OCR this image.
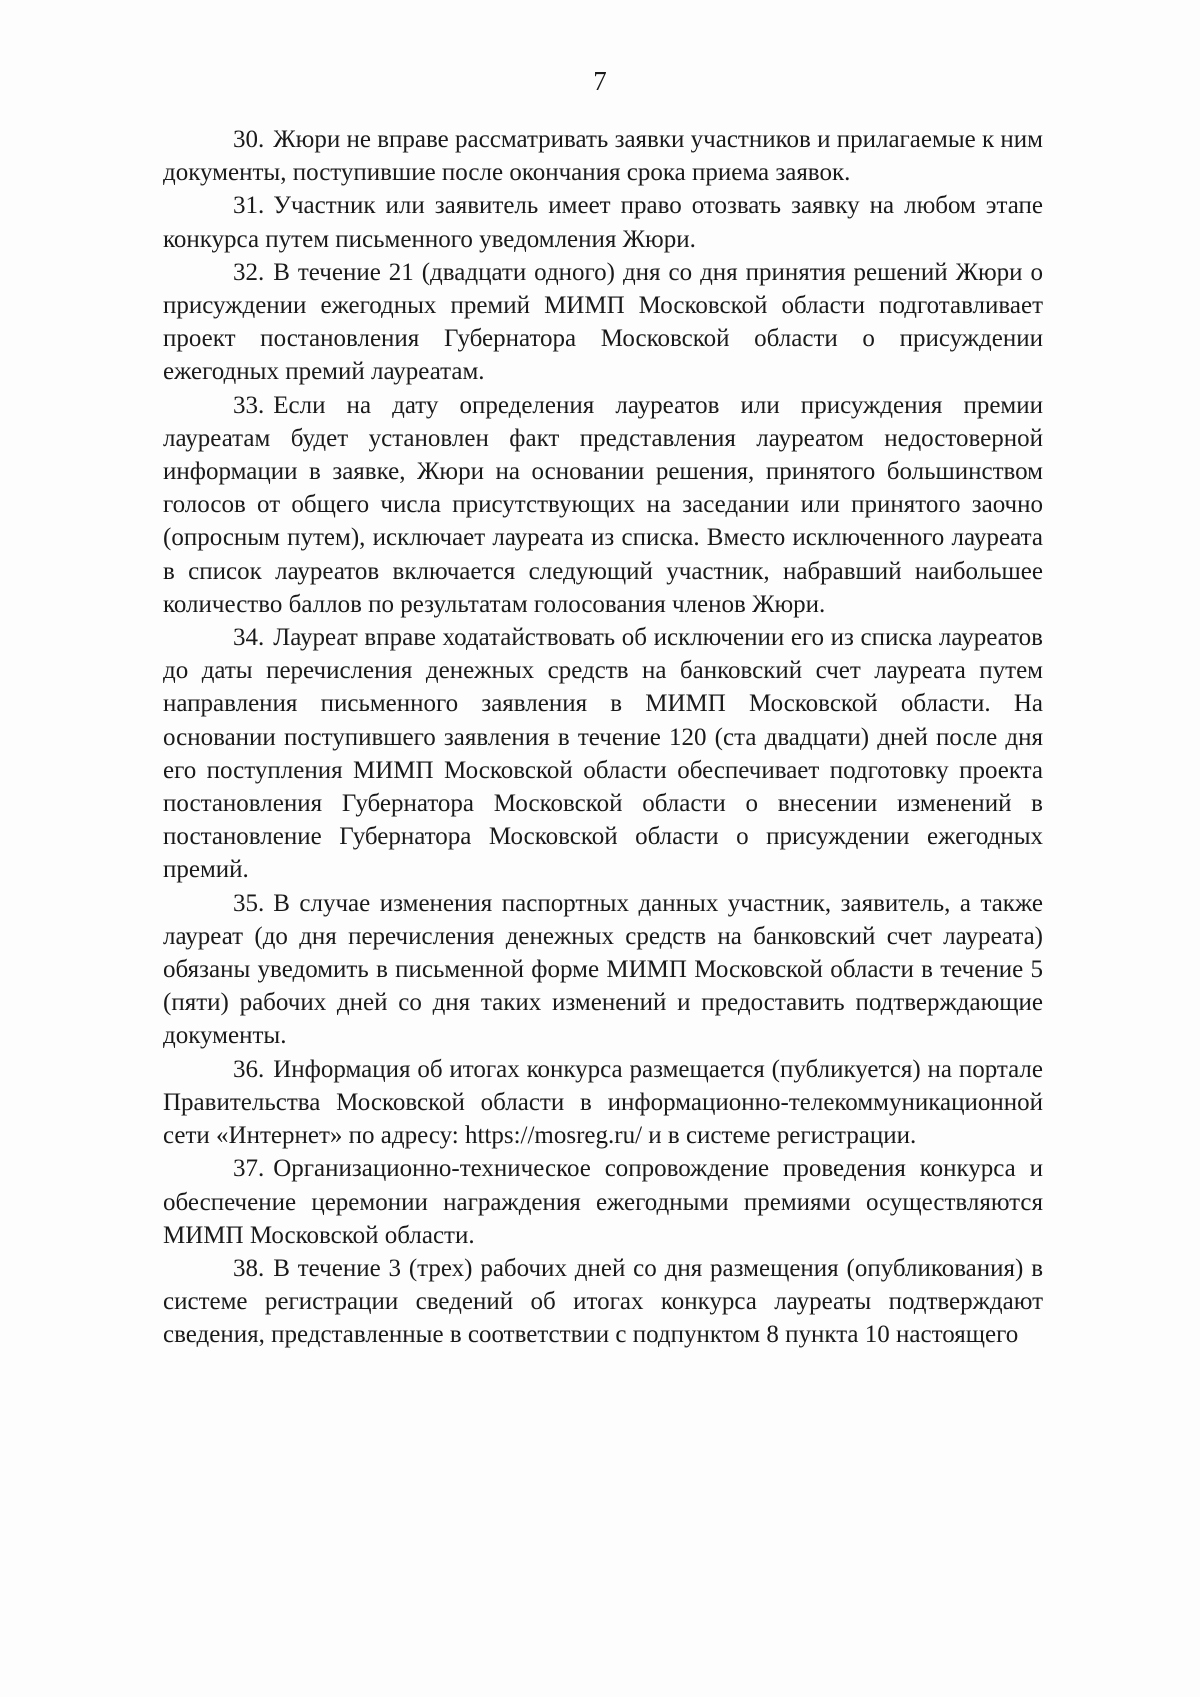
7

30. Жюри не вправе рассматривать заявки участников и прилагаемые к ним документы, поступившие после окончания срока приема заявок.

31. Участник или заявитель имеет право отозвать заявку на любом этапе конкурса путем письменного уведомления Жюри.

32. В течение 21 (двадцати одного) дня со дня принятия решений Жюри о присуждении ежегодных премий МИМП Московской области подготавливает проект постановления Губернатора Московской области о присуждении ежегодных премий лауреатам.

33. Если на дату определения лауреатов или присуждения премии лауреатам будет установлен факт представления лауреатом недостоверной информации в заявке, Жюри на основании решения, принятого большинством голосов от общего числа присутствующих на заседании или принятого заочно (опросным путем), исключает лауреата из списка. Вместо исключенного лауреата в список лауреатов включается следующий участник, набравший наибольшее количество баллов по результатам голосования членов Жюри.

34. Лауреат вправе ходатайствовать об исключении его из списка лауреатов до даты перечисления денежных средств на банковский счет лауреата путем направления письменного заявления в МИМП Московской области. На основании поступившего заявления в течение 120 (ста двадцати) дней после дня его поступления МИМП Московской области обеспечивает подготовку проекта постановления Губернатора Московской области о внесении изменений в постановление Губернатора Московской области о присуждении ежегодных премий.

35. В случае изменения паспортных данных участник, заявитель, а также лауреат (до дня перечисления денежных средств на банковский счет лауреата) обязаны уведомить в письменной форме МИМП Московской области в течение 5 (пяти) рабочих дней со дня таких изменений и предоставить подтверждающие документы.

36. Информация об итогах конкурса размещается (публикуется) на портале Правительства Московской области в информационно-телекоммуникационной сети «Интернет» по адресу: https://mosreg.ru/ и в системе регистрации.

37. Организационно-техническое сопровождение проведения конкурса и обеспечение церемонии награждения ежегодными премиями осуществляются МИМП Московской области.

38. В течение 3 (трех) рабочих дней со дня размещения (опубликования) в системе регистрации сведений об итогах конкурса лауреаты подтверждают сведения, представленные в соответствии с подпунктом 8 пункта 10 настоящего
